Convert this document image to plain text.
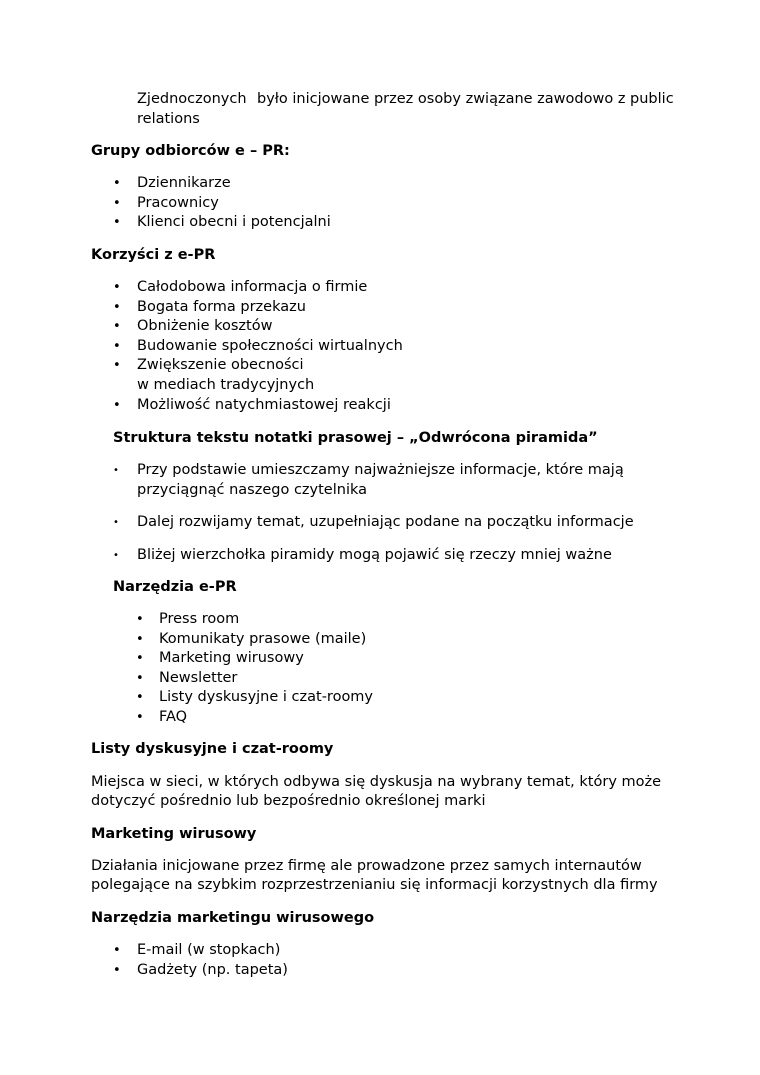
Zjednoczonych było inicjowane przez osoby związane zawodowo z public
relations
Grupy odbiorców e – PR:
• Dziennikarze
• Pracownicy
• Klienci obecni i potencjalni
Korzyści z e-PR
• Całodobowa informacja o firmie
• Bogata forma przekazu
• Obniżenie kosztów
• Budowanie społeczności wirtualnych
• Zwiększenie obecności
w mediach tradycyjnych
• Możliwość natychmiastowej reakcji
Struktura tekstu notatki prasowej – „Odwrócona piramida”
• Przy podstawie umieszczamy najważniejsze informacje, które mają
przyciągnąć naszego czytelnika
• Dalej rozwijamy temat, uzupełniając podane na początku informacje
• Bliżej wierzchołka piramidy mogą pojawić się rzeczy mniej ważne
Narzędzia e-PR
• Press room
• Komunikaty prasowe (maile)
• Marketing wirusowy
• Newsletter
• Listy dyskusyjne i czat-roomy
• FAQ
Listy dyskusyjne i czat-roomy
Miejsca w sieci, w których odbywa się dyskusja na wybrany temat, który może
dotyczyć pośrednio lub bezpośrednio określonej marki
Marketing wirusowy
Działania inicjowane przez firmę ale prowadzone przez samych internautów
polegające na szybkim rozprzestrzenianiu się informacji korzystnych dla firmy
Narzędzia marketingu wirusowego
• E-mail (w stopkach)
• Gadżety (np. tapeta)
